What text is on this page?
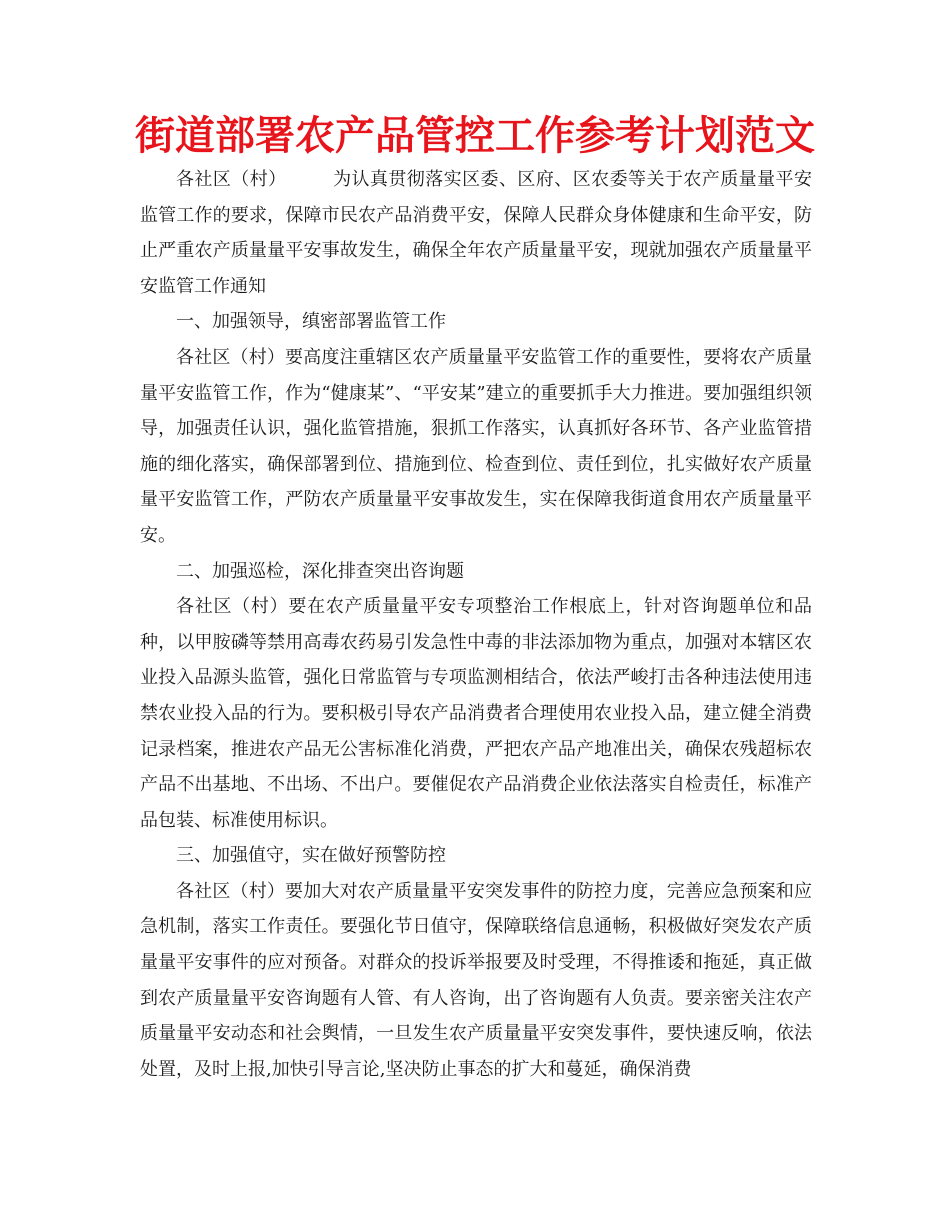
街道部署农产品管控工作参考计划范文

各社区（村）	为认真贯彻落实区委、区府、区农委等关于农产质量量平安监管工作的要求，保障市民农产品消费平安，保障人民群众身体健康和生命平安，防止严重农产质量量平安事故发生，确保全年农产质量量平安，现就加强农产质量量平安监管工作通知

一、加强领导，缜密部署监管工作

各社区（村）要高度注重辖区农产质量量平安监管工作的重要性，要将农产质量量平安监管工作，作为“健康某”、“平安某”建立的重要抓手大力推进。要加强组织领导，加强责任认识，强化监管措施，狠抓工作落实，认真抓好各环节、各产业监管措施的细化落实，确保部署到位、措施到位、检查到位、责任到位，扎实做好农产质量量平安监管工作，严防农产质量量平安事故发生，实在保障我街道食用农产质量量平安。

二、加强巡检，深化排查突出咨询题

各社区（村）要在农产质量量平安专项整治工作根底上，针对咨询题单位和品种，以甲胺磷等禁用高毒农药易引发急性中毒的非法添加物为重点，加强对本辖区农业投入品源头监管，强化日常监管与专项监测相结合，依法严峻打击各种违法使用违禁农业投入品的行为。要积极引导农产品消费者合理使用农业投入品，建立健全消费记录档案，推进农产品无公害标准化消费，严把农产品产地准出关，确保农残超标农产品不出基地、不出场、不出户。要催促农产品消费企业依法落实自检责任，标准产品包装、标准使用标识。

三、加强值守，实在做好预警防控

各社区（村）要加大对农产质量量平安突发事件的防控力度，完善应急预案和应急机制，落实工作责任。要强化节日值守，保障联络信息通畅，积极做好突发农产质量量平安事件的应对预备。对群众的投诉举报要及时受理，不得推诿和拖延，真正做到农产质量量平安咨询题有人管、有人咨询，出了咨询题有人负责。要亲密关注农产质量量平安动态和社会舆情，一旦发生农产质量量平安突发事件，要快速反响，依法处置，及时上报,加快引导言论,坚决防止事态的扩大和蔓延，确保消费
